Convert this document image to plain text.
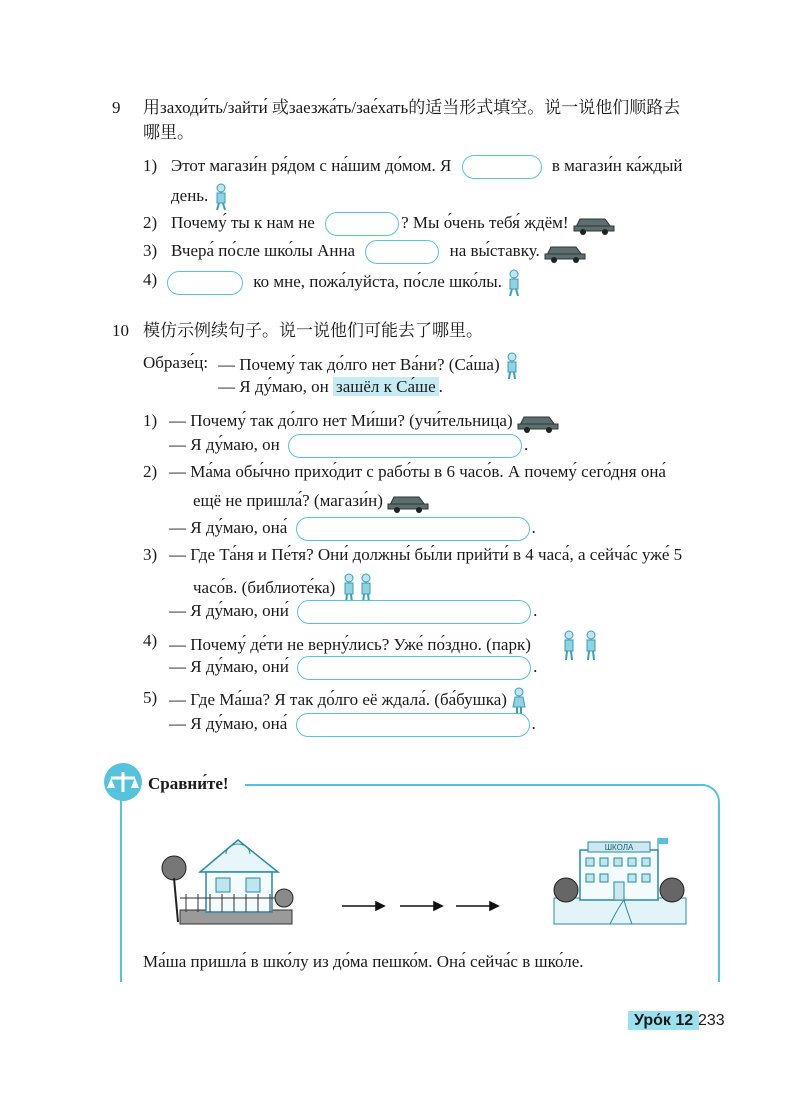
9 用заходи́ть/зайти́ 或заезжа́ть/зае́хать的适当形式填空。说一说他们顺路去
哪里。
1) Этот магази́н ря́дом с на́шим до́мом. Я	в магази́н ка́ждый
день.
2) Почему́ ты к нам не	? Мы о́чень тебя́ ждём!
3) Вчера́ по́сле шко́лы Анна	на вы́ставку.
4)	ко мне, пожа́луйста, по́сле шко́лы.
10 模仿示例续句子。说一说他们可能去了哪里。
Образе́ц: — Почему́ так до́лго нет Ва́ни? (Са́ша)
— Я ду́маю, он зашёл к Са́ше .
1) — Почему́ так до́лго нет Ми́ши? (учи́тельница)
— Я ду́маю, он	.
2) — Ма́ма обы́чно прихо́дит с рабо́ты в 6 часо́в. А почему́ сего́дня она́
ещё не пришла́? (магази́н)
— Я ду́маю, она́	.
3) — Где Та́ня и Пе́тя? Они́ должны́ бы́ли прийти́ в 4 часа́, а сейча́с уже́ 5
часо́в. (библиоте́ка)
— Я ду́маю, они́	.
4) — Почему́ де́ти не верну́лись? Уже́ по́здно. (парк)
— Я ду́маю, они́	.
5) — Где Ма́ша? Я так до́лго её ждала́. (ба́бушка)
— Я ду́маю, она́	.
Сравни́те!
ШКОЛА
Ма́ша пришла́ в шко́лу из до́ма пешко́м. Она́ сейча́с в шко́ле.
Уро́к 12 233
